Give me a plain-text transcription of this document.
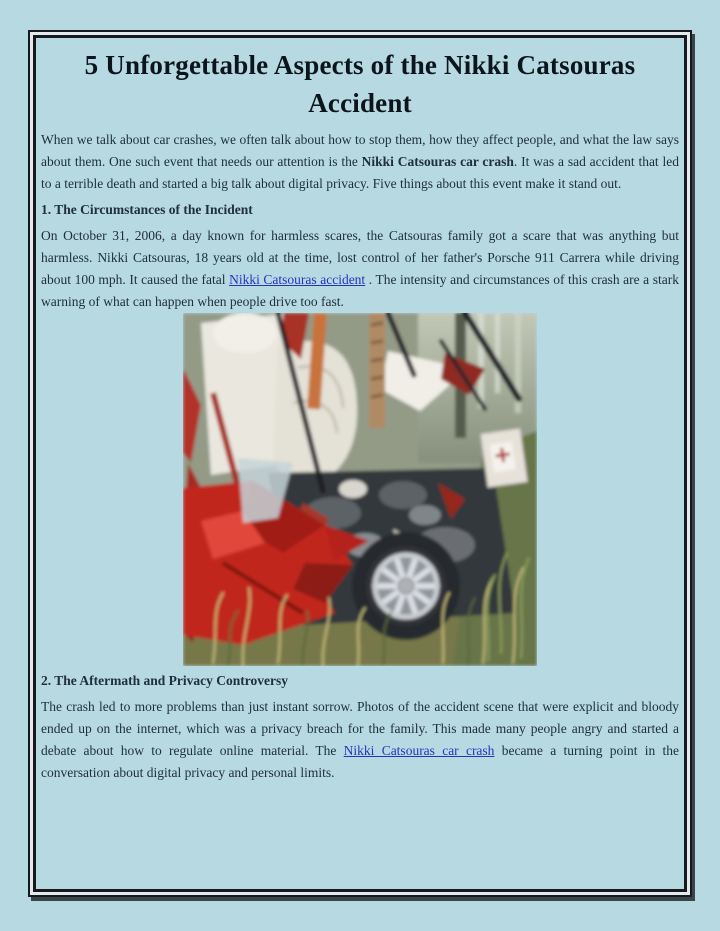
5 Unforgettable Aspects of the Nikki Catsouras
Accident

When we talk about car crashes, we often talk about how to stop them, how they affect people, and what the law says about them. One such event that needs our attention is the Nikki Catsouras car crash. It was a sad accident that led to a terrible death and started a big talk about digital privacy. Five things about this event make it stand out.

1. The Circumstances of the Incident

On October 31, 2006, a day known for harmless scares, the Catsouras family got a scare that was anything but harmless. Nikki Catsouras, 18 years old at the time, lost control of her father's Porsche 911 Carrera while driving about 100 mph. It caused the fatal Nikki Catsouras accident . The intensity and circumstances of this crash are a stark warning of what can happen when people drive too fast.

2. The Aftermath and Privacy Controversy

The crash led to more problems than just instant sorrow. Photos of the accident scene that were explicit and bloody ended up on the internet, which was a privacy breach for the family. This made many people angry and started a debate about how to regulate online material. The Nikki Catsouras car crash became a turning point in the conversation about digital privacy and personal limits.
